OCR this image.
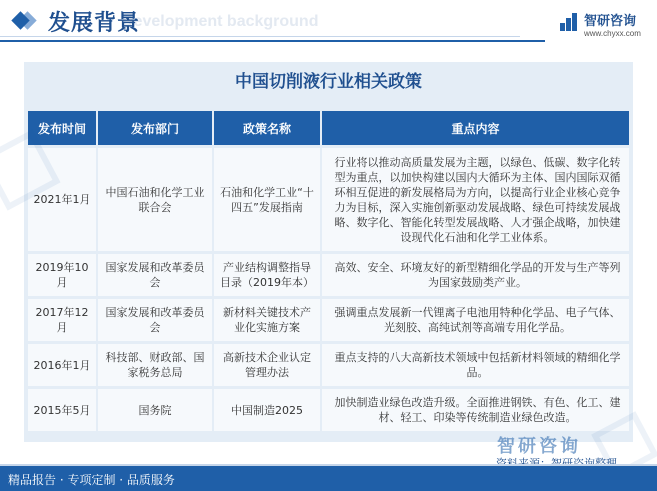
Development background
发展背景	智研咨询
www.chyxx.com
中国切削液行业相关政策
发布时间	发布部门	政策名称	重点内容
2021年1月	中国石油和化学工业联合会	石油和化学工业“十四五”发展指南	行业将以推动高质量发展为主题，以绿色、低碳、数字化转型为重点，以加快构建以国内大循环为主体、国内国际双循环相互促进的新发展格局为方向，以提高行业企业核心竞争力为目标，深入实施创新驱动发展战略、绿色可持续发展战略、数字化、智能化转型发展战略、人才强企战略，加快建设现代化石油和化学工业体系。
2019年10月	国家发展和改革委员会	产业结构调整指导目录（2019年本）	高效、安全、环境友好的新型精细化学品的开发与生产等列为国家鼓励类产业。
2017年12月	国家发展和改革委员会	新材料关键技术产业化实施方案	强调重点发展新一代锂离子电池用特种化学品、电子气体、光刻胶、高纯试剂等高端专用化学品。
2016年1月	科技部、财政部、国家税务总局	高新技术企业认定管理办法	重点支持的八大高新技术领域中包括新材料领域的精细化学品。
2015年5月	国务院	中国制造2025	加快制造业绿色改造升级。全面推进钢铁、有色、化工、建材、轻工、印染等传统制造业绿色改造。
智研咨询
精品报告 · 专项定制 · 品质服务
